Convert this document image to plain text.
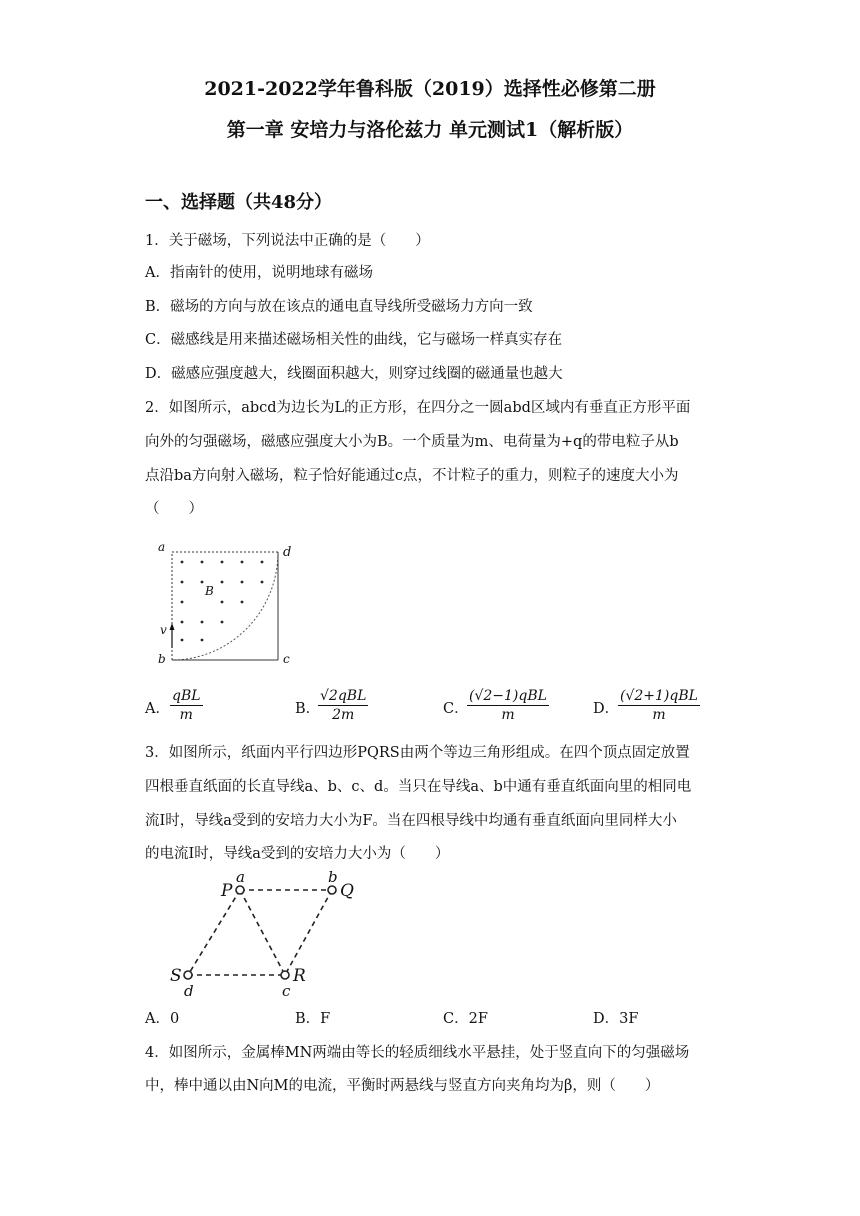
2021-2022学年鲁科版（2019）选择性必修第二册
第一章 安培力与洛伦兹力 单元测试1（解析版）
一、选择题（共48分）
1．关于磁场，下列说法中正确的是（　　）
A．指南针的使用，说明地球有磁场
B．磁场的方向与放在该点的通电直导线所受磁场力方向一致
C．磁感线是用来描述磁场相关性的曲线，它与磁场一样真实存在
D．磁感应强度越大，线圈面积越大，则穿过线圈的磁通量也越大
2．如图所示，abcd为边长为L的正方形，在四分之一圆abd区域内有垂直正方形平面
向外的匀强磁场，磁感应强度大小为B。一个质量为m、电荷量为+q的带电粒子从b
点沿ba方向射入磁场，粒子恰好能通过c点，不计粒子的重力，则粒子的速度大小为
（　　）
a	d
b	c
B
v
A．
qBL
m	B．
√2qBL
2m	C．
(√2−1)qBL
m	D．
(√2+1)qBL
m
3．如图所示，纸面内平行四边形PQRS由两个等边三角形组成。在四个顶点固定放置
四根垂直纸面的长直导线a、b、c、d。当只在导线a、b中通有垂直纸面向里的相同电
流I时，导线a受到的安培力大小为F。当在四根导线中均通有垂直纸面向里同样大小
的电流I时，导线a受到的安培力大小为（　　）
P
a	b
Q
S
d
R
c
A．0	B．F	C．2F	D．3F
4．如图所示，金属棒MN两端由等长的轻质细线水平悬挂，处于竖直向下的匀强磁场
中，棒中通以由N向M的电流，平衡时两悬线与竖直方向夹角均为β，则（　　）
